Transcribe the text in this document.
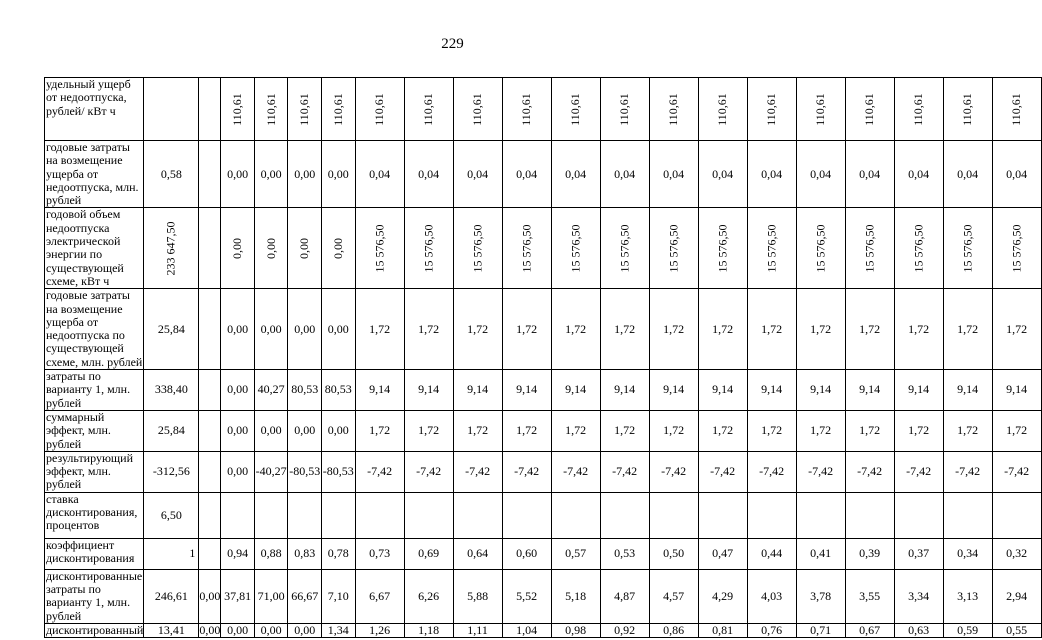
229
удельный ущерб от недоотпуска, рублей/ кВт ч			110,61	110,61	110,61	110,61	110,61	110,61	110,61	110,61	110,61	110,61	110,61	110,61	110,61	110,61	110,61	110,61	110,61	110,61
годовые затраты на возмещение ущерба от недоотпуска, млн. рублей	0,58		0,00	0,00	0,00	0,00	0,04	0,04	0,04	0,04	0,04	0,04	0,04	0,04	0,04	0,04	0,04	0,04	0,04	0,04
годовой объем недоотпуска электрической энергии по существующей схеме, кВт ч	233 647,50		0,00	0,00	0,00	0,00	15 576,50	15 576,50	15 576,50	15 576,50	15 576,50	15 576,50	15 576,50	15 576,50	15 576,50	15 576,50	15 576,50	15 576,50	15 576,50	15 576,50
годовые затраты на возмещение ущерба от недоотпуска по существующей схеме, млн. рублей	25,84		0,00	0,00	0,00	0,00	1,72	1,72	1,72	1,72	1,72	1,72	1,72	1,72	1,72	1,72	1,72	1,72	1,72	1,72
затраты по варианту 1, млн. рублей	338,40		0,00	40,27	80,53	80,53	9,14	9,14	9,14	9,14	9,14	9,14	9,14	9,14	9,14	9,14	9,14	9,14	9,14	9,14
суммарный эффект, млн. рублей	25,84		0,00	0,00	0,00	0,00	1,72	1,72	1,72	1,72	1,72	1,72	1,72	1,72	1,72	1,72	1,72	1,72	1,72	1,72
результирующий эффект, млн. рублей	-312,56		0,00	-40,27	-80,53	-80,53	-7,42	-7,42	-7,42	-7,42	-7,42	-7,42	-7,42	-7,42	-7,42	-7,42	-7,42	-7,42	-7,42	-7,42
ставка дисконтирования, процентов	6,50																			
коэффициент дисконтирования	1		0,94	0,88	0,83	0,78	0,73	0,69	0,64	0,60	0,57	0,53	0,50	0,47	0,44	0,41	0,39	0,37	0,34	0,32
дисконтированные затраты по варианту 1, млн. рублей	246,61	0,00	37,81	71,00	66,67	7,10	6,67	6,26	5,88	5,52	5,18	4,87	4,57	4,29	4,03	3,78	3,55	3,34	3,13	2,94
дисконтированный	13,41	0,00	0,00	0,00	0,00	1,34	1,26	1,18	1,11	1,04	0,98	0,92	0,86	0,81	0,76	0,71	0,67	0,63	0,59	0,55
